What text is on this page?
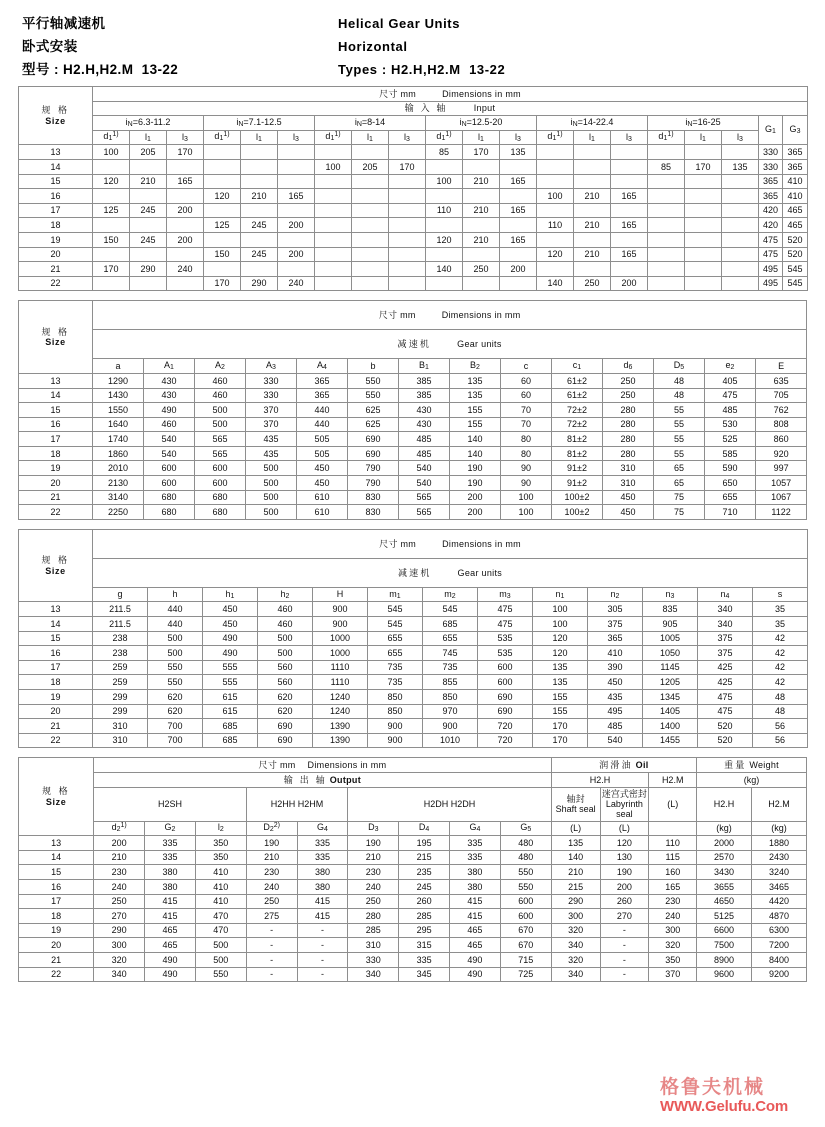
平行轴减速机
卧式安装
型号 : H2.H,H2.M  13-22
Helical Gear Units
Horizontal
Types : H2.H,H2.M  13-22
规 格
Size	尺寸 mm Dimensions in mm																			
	输 入 轴 Input																			
	iN=6.3-11.2			iN=7.1-12.5			iN=8-14			iN=12.5-20			iN=14-22.4			iN=16-25			G1	G3
	d1$^{1)}$	l1	l3	d1$^{1)}$	l1	l3	d1$^{1)}$	l1	l3	d1$^{1)}$	l1	l3	d1$^{1)}$	l1	l3	d1$^{1)}$	l1	l3		
13	100	205	170							85	170	135							330	365
14							100	205	170							85	170	135	330	365
15	120	210	165							100	210	165							365	410
16				120	210	165							100	210	165				365	410
17	125	245	200							110	210	165							420	465
18				125	245	200							110	210	165				420	465
19	150	245	200							120	210	165							475	520
20				150	245	200							120	210	165				475	520
21	170	290	240							140	250	200							495	545
22				170	290	240							140	250	200				495	545
规 格
Size	尺寸 mm Dimensions in mm													
	减速机 Gear units													
	a	A1	A2	A3	A4	b	B1	B2	c	c1	d6	D5	e2	E
13	1290	430	460	330	365	550	385	135	60	61±2	250	48	405	635
14	1430	430	460	330	365	550	385	135	60	61±2	250	48	475	705
15	1550	490	500	370	440	625	430	155	70	72±2	280	55	485	762
16	1640	460	500	370	440	625	430	155	70	72±2	280	55	530	808
17	1740	540	565	435	505	690	485	140	80	81±2	280	55	525	860
18	1860	540	565	435	505	690	485	140	80	81±2	280	55	585	920
19	2010	600	600	500	450	790	540	190	90	91±2	310	65	590	997
20	2130	600	600	500	450	790	540	190	90	91±2	310	65	650	1057
21	3140	680	680	500	610	830	565	200	100	100±2	450	75	655	1067
22	2250	680	680	500	610	830	565	200	100	100±2	450	75	710	1122
规 格
Size	尺寸 mm Dimensions in mm												
	减速机 Gear units												
	g	h	h1	h2	H	m1	m2	m3	n1	n2	n3	n4	s
13	211.5	440	450	460	900	545	545	475	100	305	835	340	35
14	211.5	440	450	460	900	545	685	475	100	375	905	340	35
15	238	500	490	500	1000	655	655	535	120	365	1005	375	42
16	238	500	490	500	1000	655	745	535	120	410	1050	375	42
17	259	550	555	560	1110	735	735	600	135	390	1145	425	42
18	259	550	555	560	1110	735	855	600	135	450	1205	425	42
19	299	620	615	620	1240	850	850	690	155	435	1345	475	48
20	299	620	615	620	1240	850	970	690	155	495	1405	475	48
21	310	700	685	690	1390	900	900	720	170	485	1400	520	56
22	310	700	685	690	1390	900	1010	720	170	540	1455	520	56
规 格
Size	尺寸 mm Dimensions in mm									润滑油 Oil			重量 Weight	
	输 出 轴 Output									H2.H		H2.M	(kg)	
	H2SH			H2HH H2HM		H2DH H2DH				轴封
Shaft seal	迷宫式密封
Labyrinth
seal	(L)	H2.H	H2.M
	d2$^{1)}$	G2	l2	D2$^{2)}$	G4	D3	D4	G4	G5	(L)	(L)		(kg)	(kg)
13	200	335	350	190	335	190	195	335	480	135	120	110	2000	1880
14	210	335	350	210	335	210	215	335	480	140	130	115	2570	2430
15	230	380	410	230	380	230	235	380	550	210	190	160	3430	3240
16	240	380	410	240	380	240	245	380	550	215	200	165	3655	3465
17	250	415	410	250	415	250	260	415	600	290	260	230	4650	4420
18	270	415	470	275	415	280	285	415	600	300	270	240	5125	4870
19	290	465	470	-	-	285	295	465	670	320	-	300	6600	6300
20	300	465	500	-	-	310	315	465	670	340	-	320	7500	7200
21	320	490	500	-	-	330	335	490	715	320	-	350	8900	8400
22	340	490	550	-	-	340	345	490	725	340	-	370	9600	9200
格鲁夫机械
WWW.Gelufu.Com
